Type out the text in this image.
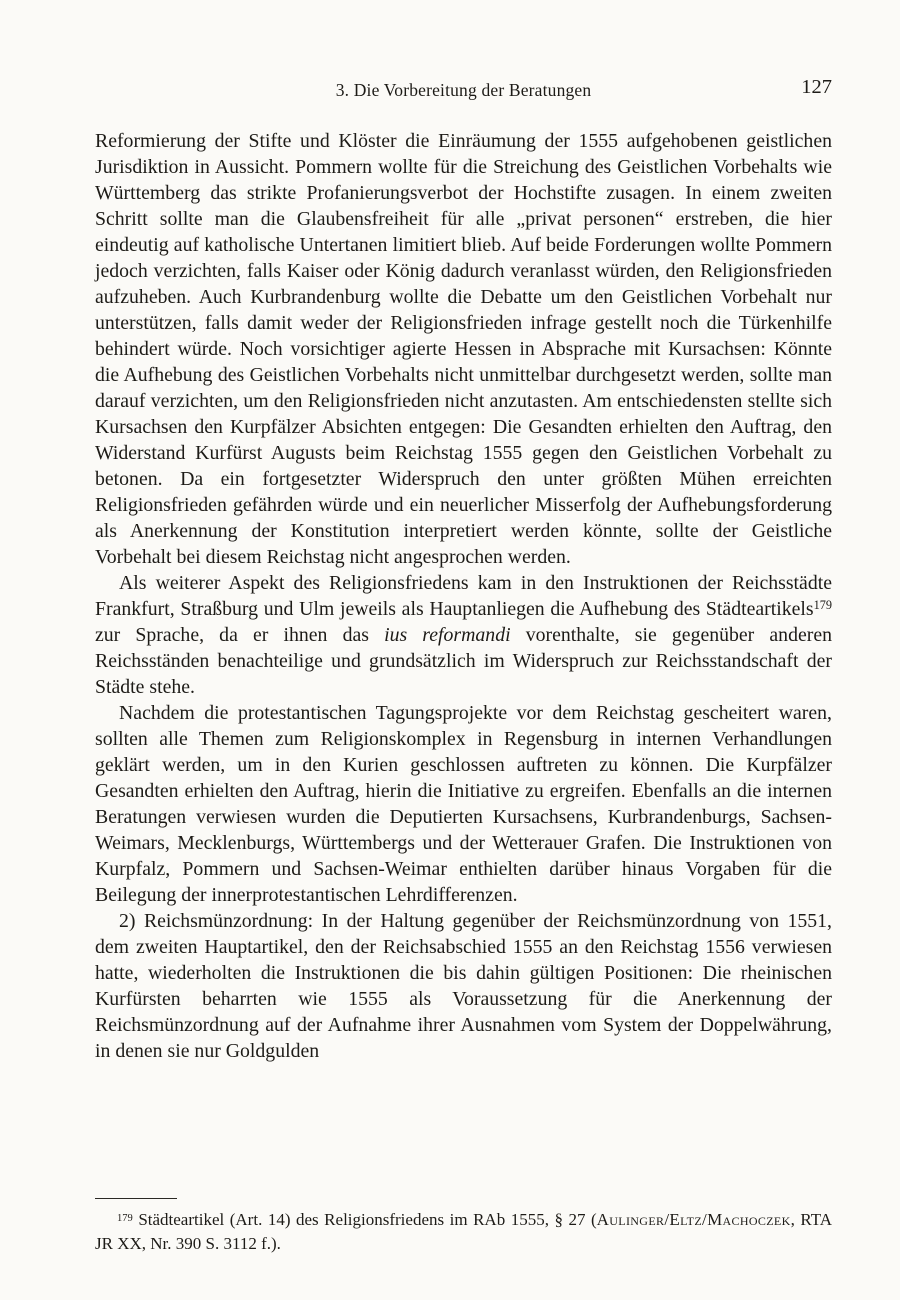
3. Die Vorbereitung der Beratungen	127

Reformierung der Stifte und Klöster die Einräumung der 1555 aufgehobenen geistlichen Jurisdiktion in Aussicht. Pommern wollte für die Streichung des Geistlichen Vorbehalts wie Württemberg das strikte Profanierungsverbot der Hochstifte zusagen. In einem zweiten Schritt sollte man die Glaubensfreiheit für alle „privat personen“ erstreben, die hier eindeutig auf katholische Untertanen limitiert blieb. Auf beide Forderungen wollte Pommern jedoch verzichten, falls Kaiser oder König dadurch veranlasst würden, den Religionsfrieden aufzuheben. Auch Kurbrandenburg wollte die Debatte um den Geistlichen Vorbehalt nur unterstützen, falls damit weder der Religionsfrieden infrage gestellt noch die Türkenhilfe behindert würde. Noch vorsichtiger agierte Hessen in Absprache mit Kursachsen: Könnte die Aufhebung des Geistlichen Vorbehalts nicht unmittelbar durchgesetzt werden, sollte man darauf verzichten, um den Religionsfrieden nicht anzutasten. Am entschiedensten stellte sich Kursachsen den Kurpfälzer Absichten entgegen: Die Gesandten erhielten den Auftrag, den Widerstand Kurfürst Augusts beim Reichstag 1555 gegen den Geistlichen Vorbehalt zu betonen. Da ein fortgesetzter Widerspruch den unter größten Mühen erreichten Religionsfrieden gefährden würde und ein neuerlicher Misserfolg der Aufhebungsforderung als Anerkennung der Konstitution interpretiert werden könnte, sollte der Geistliche Vorbehalt bei diesem Reichstag nicht angesprochen werden.

Als weiterer Aspekt des Religionsfriedens kam in den Instruktionen der Reichsstädte Frankfurt, Straßburg und Ulm jeweils als Hauptanliegen die Aufhebung des Städteartikels$^{179}$ zur Sprache, da er ihnen das ius reformandi vorenthalte, sie gegenüber anderen Reichsständen benachteilige und grundsätzlich im Widerspruch zur Reichsstandschaft der Städte stehe.

Nachdem die protestantischen Tagungsprojekte vor dem Reichstag gescheitert waren, sollten alle Themen zum Religionskomplex in Regensburg in internen Verhandlungen geklärt werden, um in den Kurien geschlossen auftreten zu können. Die Kurpfälzer Gesandten erhielten den Auftrag, hierin die Initiative zu ergreifen. Ebenfalls an die internen Beratungen verwiesen wurden die Deputierten Kursachsens, Kurbrandenburgs, Sachsen-Weimars, Mecklenburgs, Württembergs und der Wetterauer Grafen. Die Instruktionen von Kurpfalz, Pommern und Sachsen-Weimar enthielten darüber hinaus Vorgaben für die Beilegung der innerprotestantischen Lehrdifferenzen.

2) Reichsmünzordnung: In der Haltung gegenüber der Reichsmünzordnung von 1551, dem zweiten Hauptartikel, den der Reichsabschied 1555 an den Reichstag 1556 verwiesen hatte, wiederholten die Instruktionen die bis dahin gültigen Positionen: Die rheinischen Kurfürsten beharrten wie 1555 als Voraussetzung für die Anerkennung der Reichsmünzordnung auf der Aufnahme ihrer Ausnahmen vom System der Doppelwährung, in denen sie nur Goldgulden

$^{179}$ Städteartikel (Art. 14) des Religionsfriedens im RAb 1555, § 27 (Aulinger/Eltz/Machoczek, RTA JR XX, Nr. 390 S. 3112 f.).
